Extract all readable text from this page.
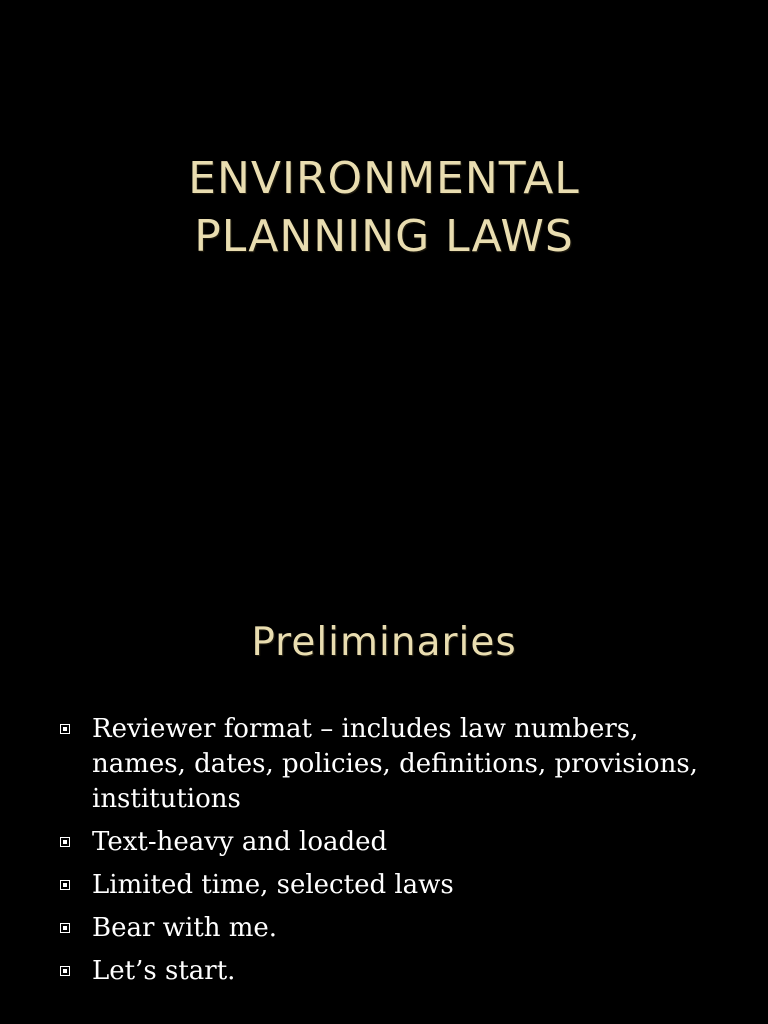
ENVIRONMENTAL
PLANNING LAWS
Preliminaries
Reviewer format – includes law numbers, names, dates, policies, definitions, provisions, institutions
Text-heavy and loaded
Limited time, selected laws
Bear with me.
Let’s start.
